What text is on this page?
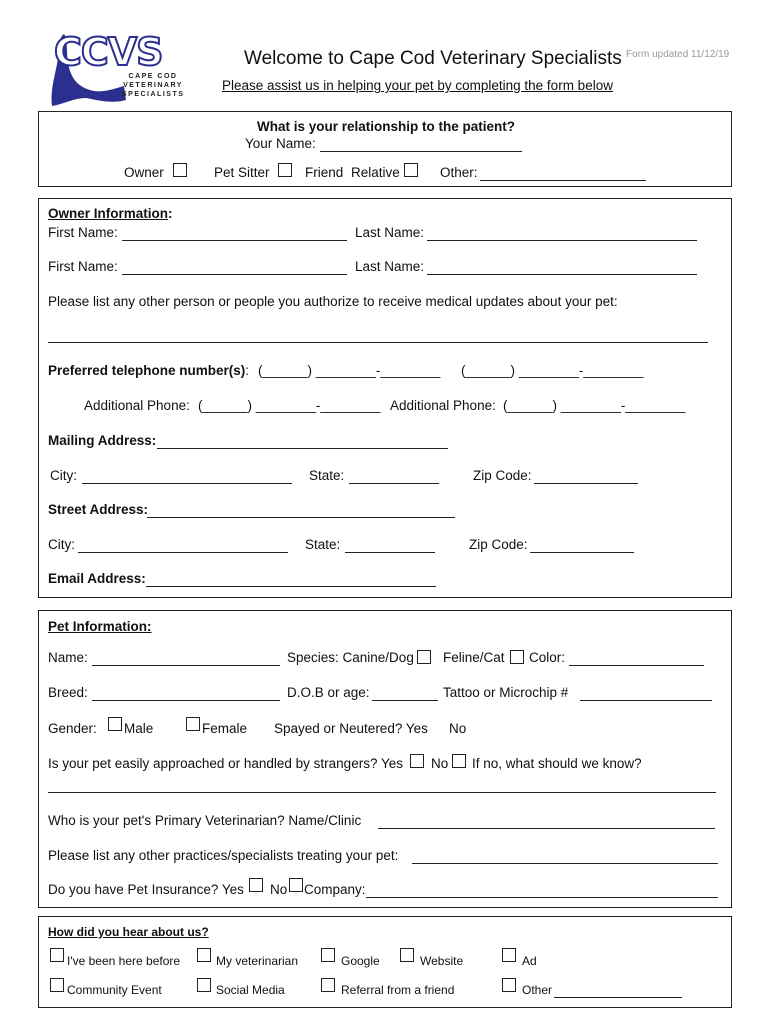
CCVS
CAPE COD
VETERINARY
SPECIALISTS
Welcome to Cape Cod Veterinary Specialists Form updated 11/12/19
Please assist us in helping your pet by completing the form below
What is your relationship to the patient?
Your Name:
Owner	Pet Sitter	Friend Relative	Other:
Owner Information:
First Name:	Last Name:
First Name:	Last Name:
Please list any other person or people you authorize to receive medical updates about your pet:
Preferred telephone number(s): (______) ________-________ (______) ________-________
Additional Phone: (______) ________-________ Additional Phone: (______) ________-________
Mailing Address:
City:	State:	Zip Code:
Street Address:
City:	State:	Zip Code:
Email Address:
Pet Information:
Name:	Species: Canine/Dog Feline/Cat Color:
Breed:	D.O.B or age:	Tattoo or Microchip #
Gender: Male	Female Spayed or Neutered? Yes No
Is your pet easily approached or handled by strangers? Yes No If no, what should we know?
Who is your pet's Primary Veterinarian? Name/Clinic
Please list any other practices/specialists treating your pet:
Do you have Pet Insurance? Yes No Company:
How did you hear about us?
I've been here before	My veterinarian	Google	Website	Ad
Community Event	Social Media	Referral from a friend	Other
